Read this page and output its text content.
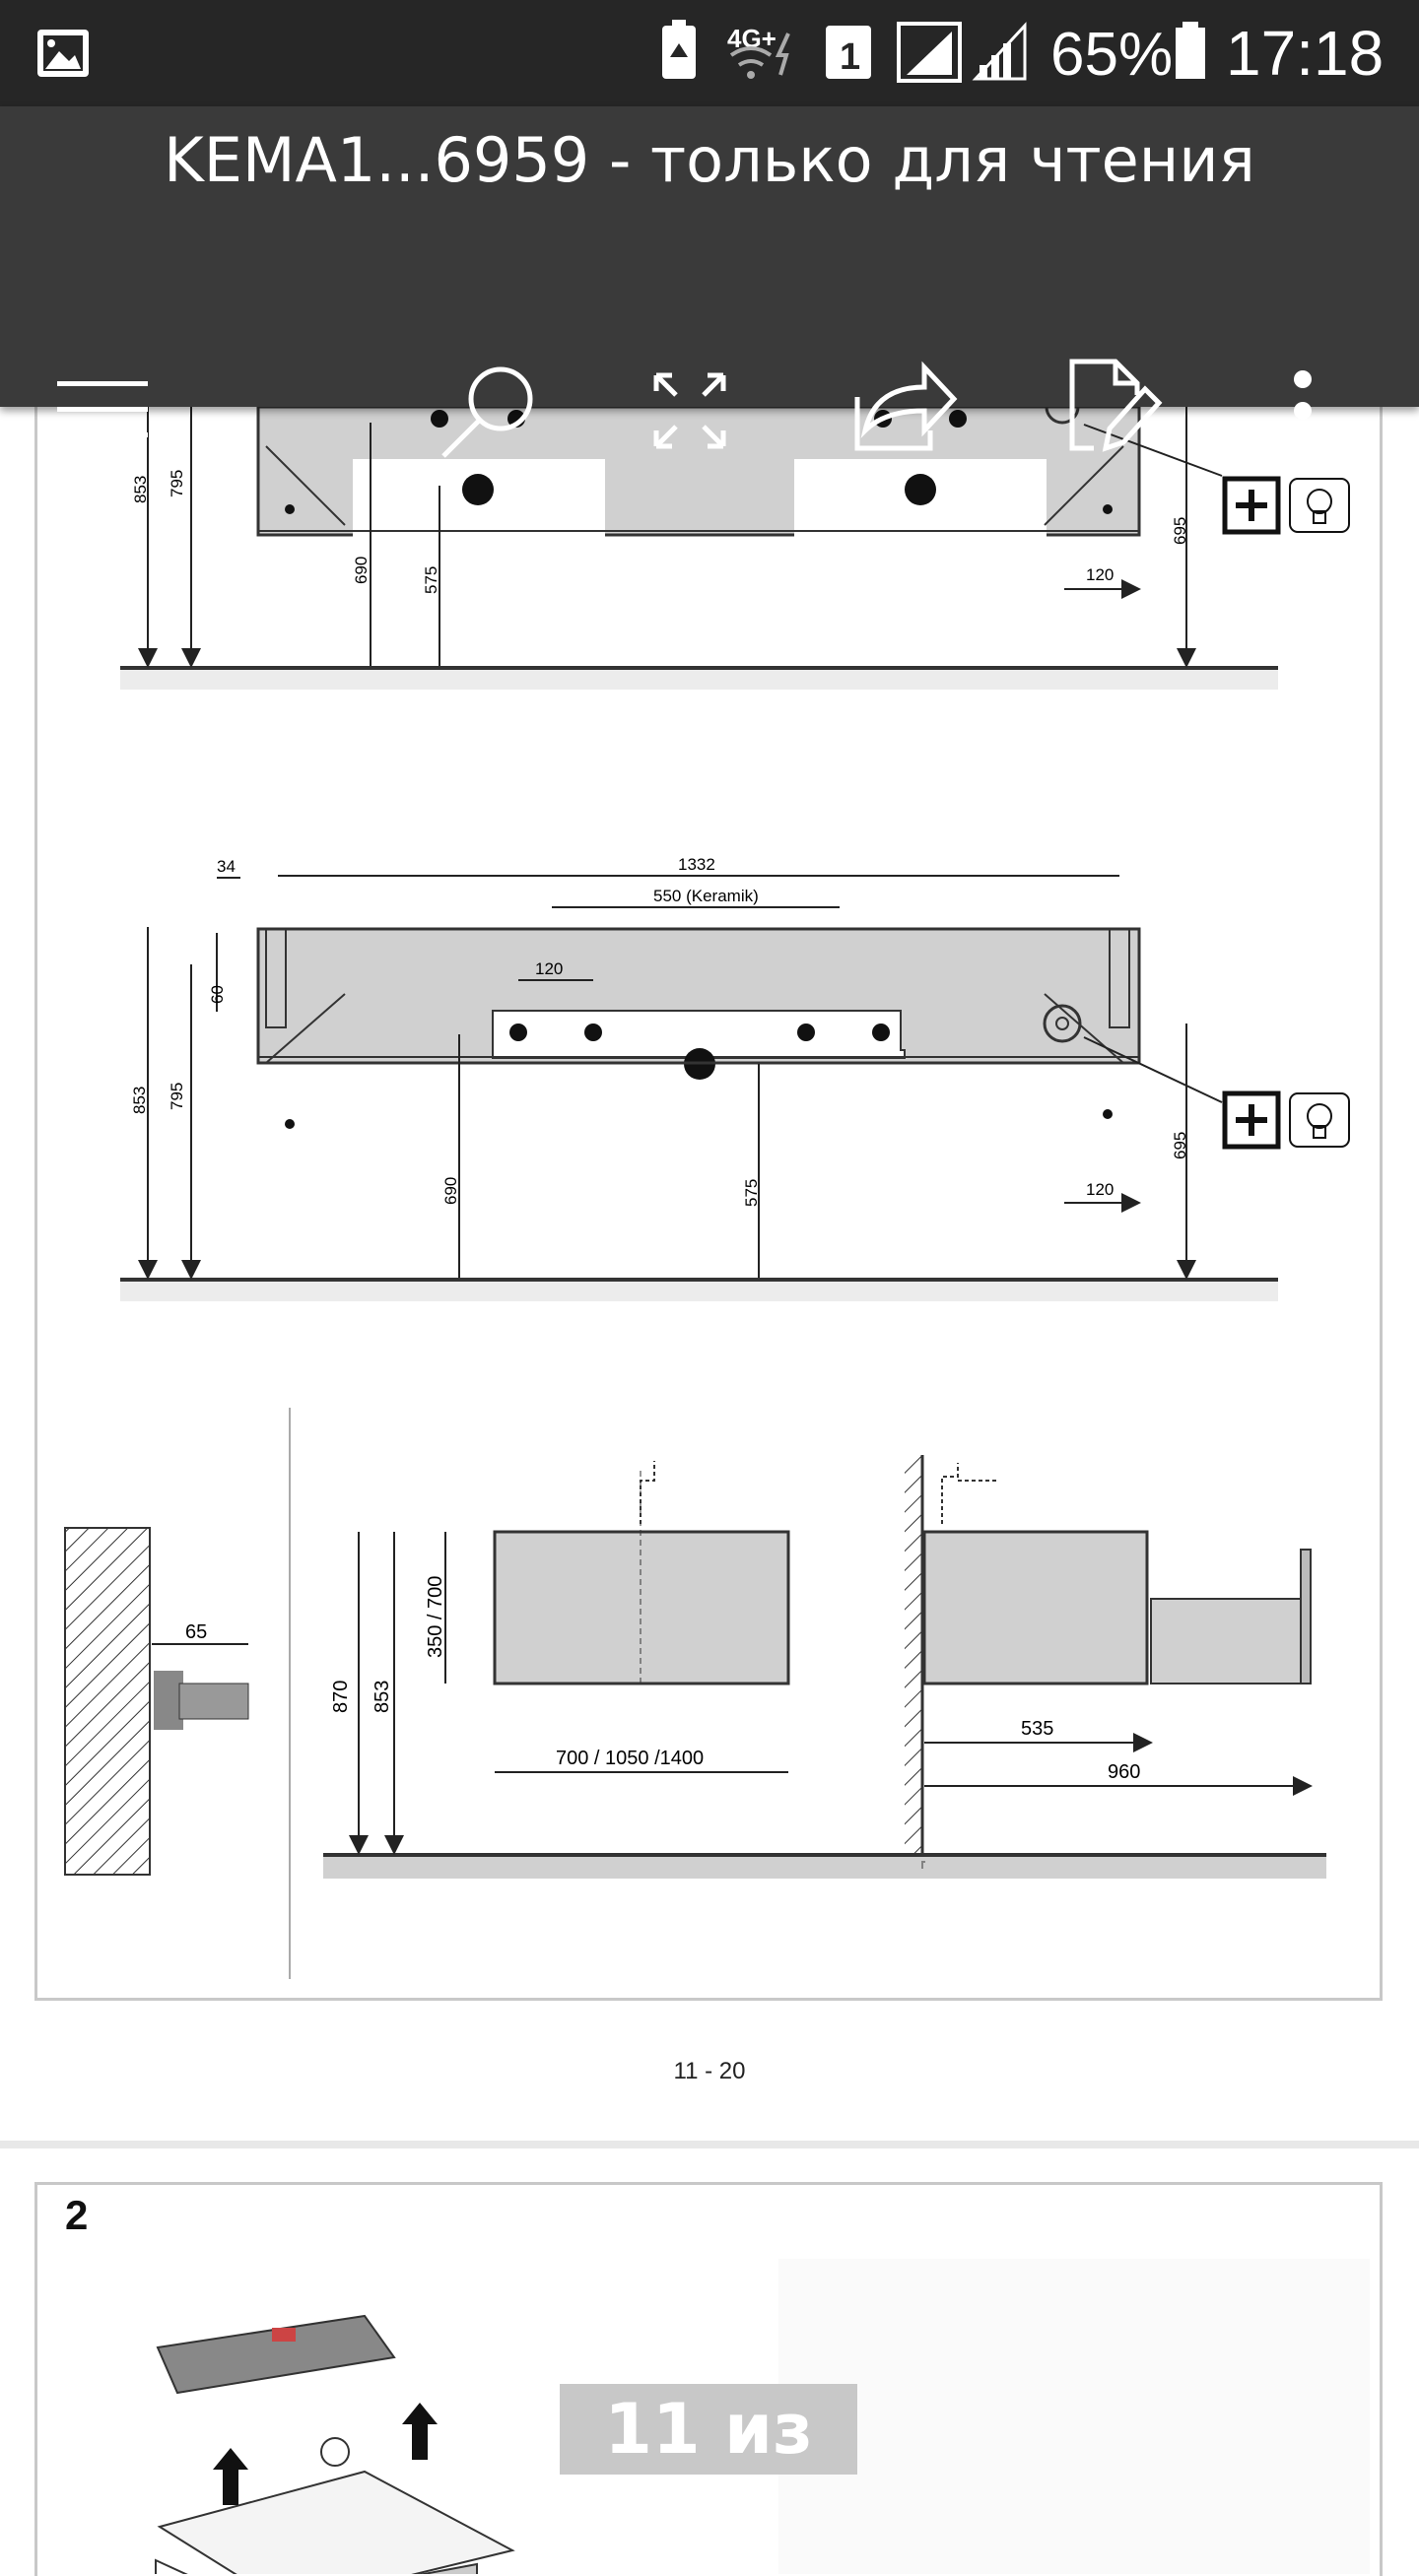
4G+ 1	65% 17:18
KEMA1...6959 - только для чтения
853 795
690	575
695
120
34	1332
550 (Keramik)
120
60
853 795
690	575
695
120
65
870 853
350 / 700
700 / 1050 /1400
535
960
11 - 20
2
11 из 20
